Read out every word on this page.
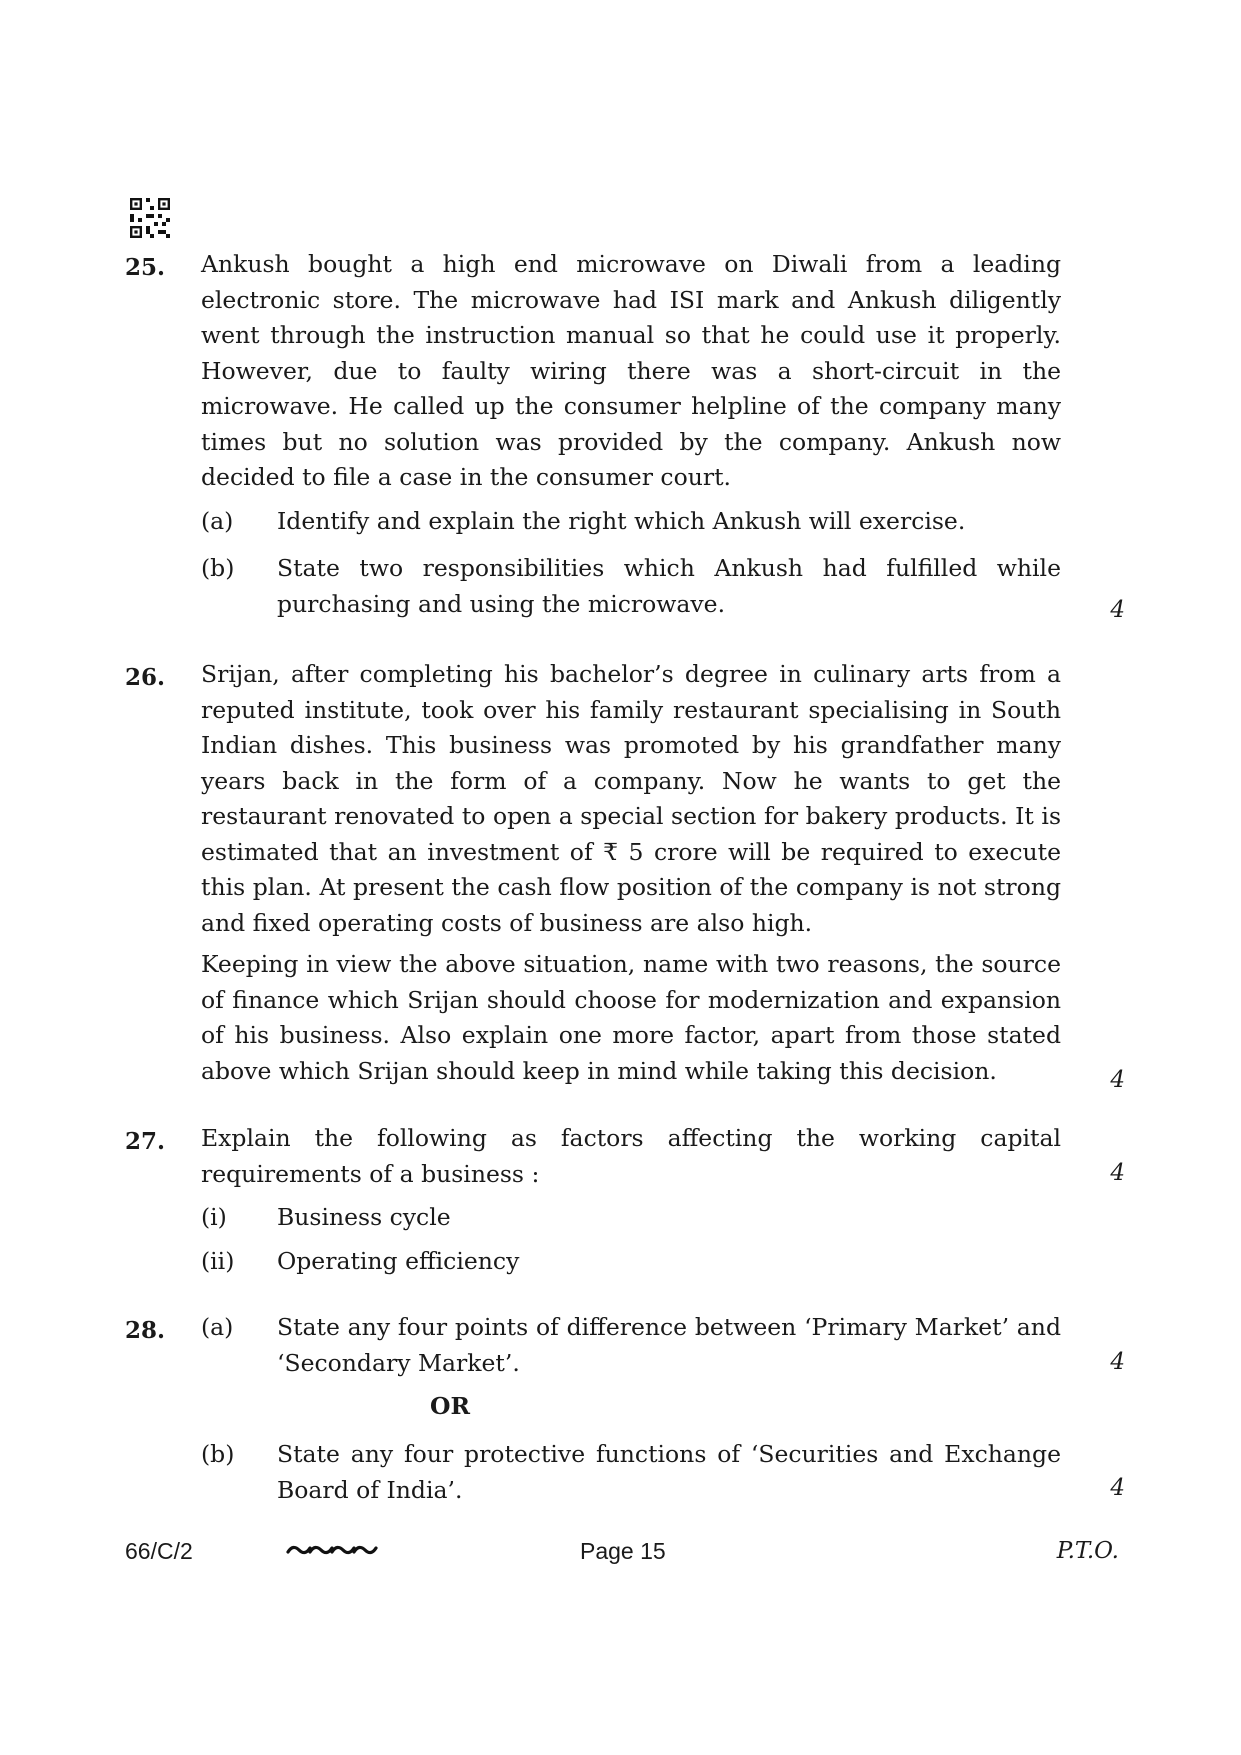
25. Ankush bought a high end microwave on Diwali from a leading electronic store. The microwave had ISI mark and Ankush diligently went through the instruction manual so that he could use it properly. However, due to faulty wiring there was a short-circuit in the microwave. He called up the consumer helpline of the company many times but no solution was provided by the company. Ankush now decided to file a case in the consumer court.

(a) Identify and explain the right which Ankush will exercise.
(b) State two responsibilities which Ankush had fulfilled while purchasing and using the microwave.	4
26. Srijan, after completing his bachelor’s degree in culinary arts from a reputed institute, took over his family restaurant specialising in South Indian dishes. This business was promoted by his grandfather many years back in the form of a company. Now he wants to get the restaurant renovated to open a special section for bakery products. It is estimated that an investment of ₹ 5 crore will be required to execute this plan. At present the cash flow position of the company is not strong and fixed operating costs of business are also high.

Keeping in view the above situation, name with two reasons, the source of finance which Srijan should choose for modernization and expansion of his business. Also explain one more factor, apart from those stated above which Srijan should keep in mind while taking this decision.	4
27. Explain the following as factors affecting the working capital requirements of a business :	4
(i) Business cycle
(ii) Operating efficiency
28. (a) State any four points of difference between ‘Primary Market’ and ‘Secondary Market’.	4
OR
(b) State any four protective functions of ‘Securities and Exchange Board of India’.	4
66/C/2	Page 15	P.T.O.
